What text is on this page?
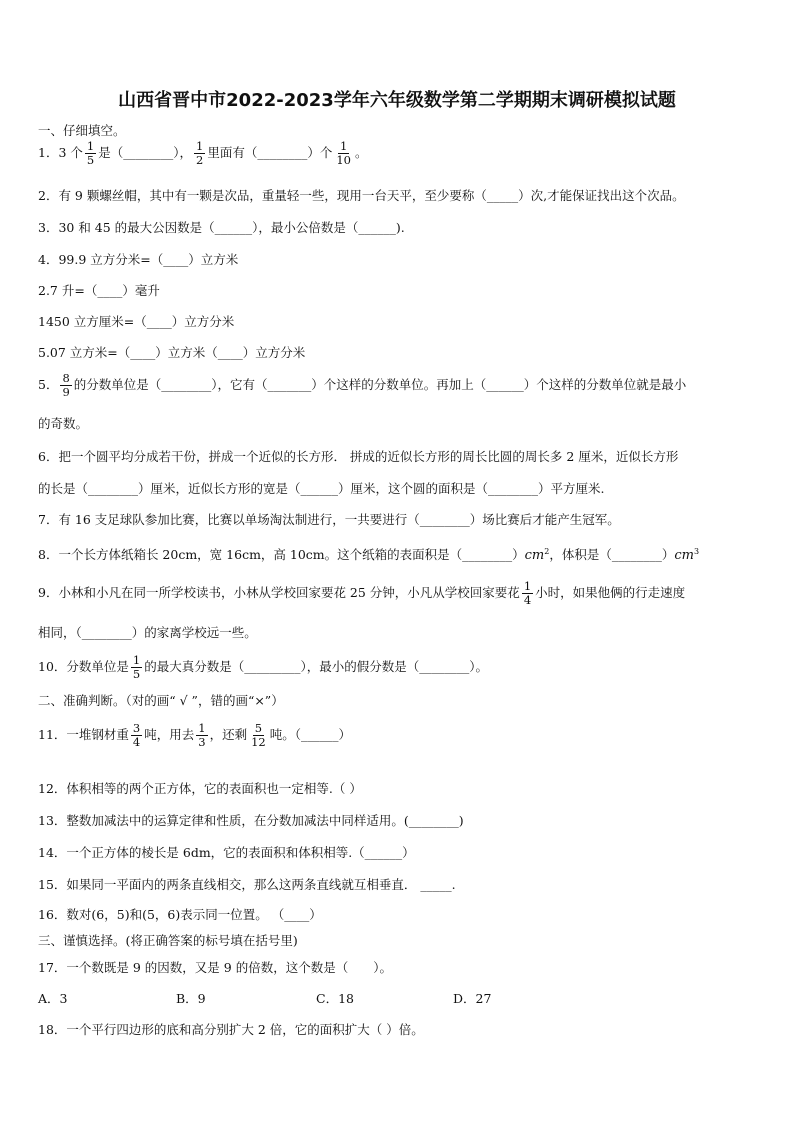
山西省晋中市2022-2023学年六年级数学第二学期期末调研模拟试题
一、仔细填空。
1．3 个 $\frac{1}{5}$ 是（________）， $\frac{1}{2}$ 里面有（________）个 $\frac{1}{10}$ 。
2．有 9 颗螺丝帽，其中有一颗是次品，重量轻一些，现用一台天平，至少要称（_____）次,才能保证找出这个次品。
3．30 和 45 的最大公因数是（______），最小公倍数是（______).
4．99.9 立方分米=（____）立方米
2.7 升=（____）毫升
1450 立方厘米=（____）立方分米
5.07 立方米=（____）立方米（____）立方分米
5． $\frac{8}{9}$ 的分数单位是（________），它有（_______）个这样的分数单位。再加上（______）个这样的分数单位就是最小
的奇数。
6．把一个圆平均分成若干份，拼成一个近似的长方形． 拼成的近似长方形的周长比圆的周长多 2 厘米，近似长方形
的长是（________）厘米，近似长方形的宽是（______）厘米，这个圆的面积是（________）平方厘米.
7．有 16 支足球队参加比赛，比赛以单场淘汰制进行，一共要进行（________）场比赛后才能产生冠军。
8．一个长方体纸箱长 20cm，宽 16cm，高 10cm。这个纸箱的表面积是$(\_\_\_\_\_\_\_\_)cm^2$，体积是$(\_\_\_\_\_\_\_\_)cm^3$
9．小林和小凡在同一所学校读书，小林从学校回家要花 25 分钟，小凡从学校回家要花 $\frac{1}{4}$ 小时，如果他俩的行走速度
相同，（________）的家离学校远一些。
10．分数单位是 $\frac{1}{5}$ 的最大真分数是（_________），最小的假分数是（________）。
二、准确判断。（对的画“ √ ”，错的画“×”）
11．一堆钢材重 $\frac{3}{4}$ 吨，用去 $\frac{1}{3}$ ，还剩 $\frac{5}{12}$ 吨。（______）
12．体积相等的两个正方体，它的表面积也一定相等.（ ）
13．整数加减法中的运算定律和性质，在分数加减法中同样适用。(________)
14．一个正方体的棱长是 6dm，它的表面积和体积相等.（______）
15．如果同一平面内的两条直线相交，那么这两条直线就互相垂直． _____.
16．数对(6，5)和(5，6)表示同一位置。 （____）
三、谨慎选择。(将正确答案的标号填在括号里)
17．一个数既是 9 的因数，又是 9 的倍数，这个数是（　　）。
A．3	B．9	C．18	D．27
18．一个平行四边形的底和高分别扩大 2 倍，它的面积扩大（ ）倍。
